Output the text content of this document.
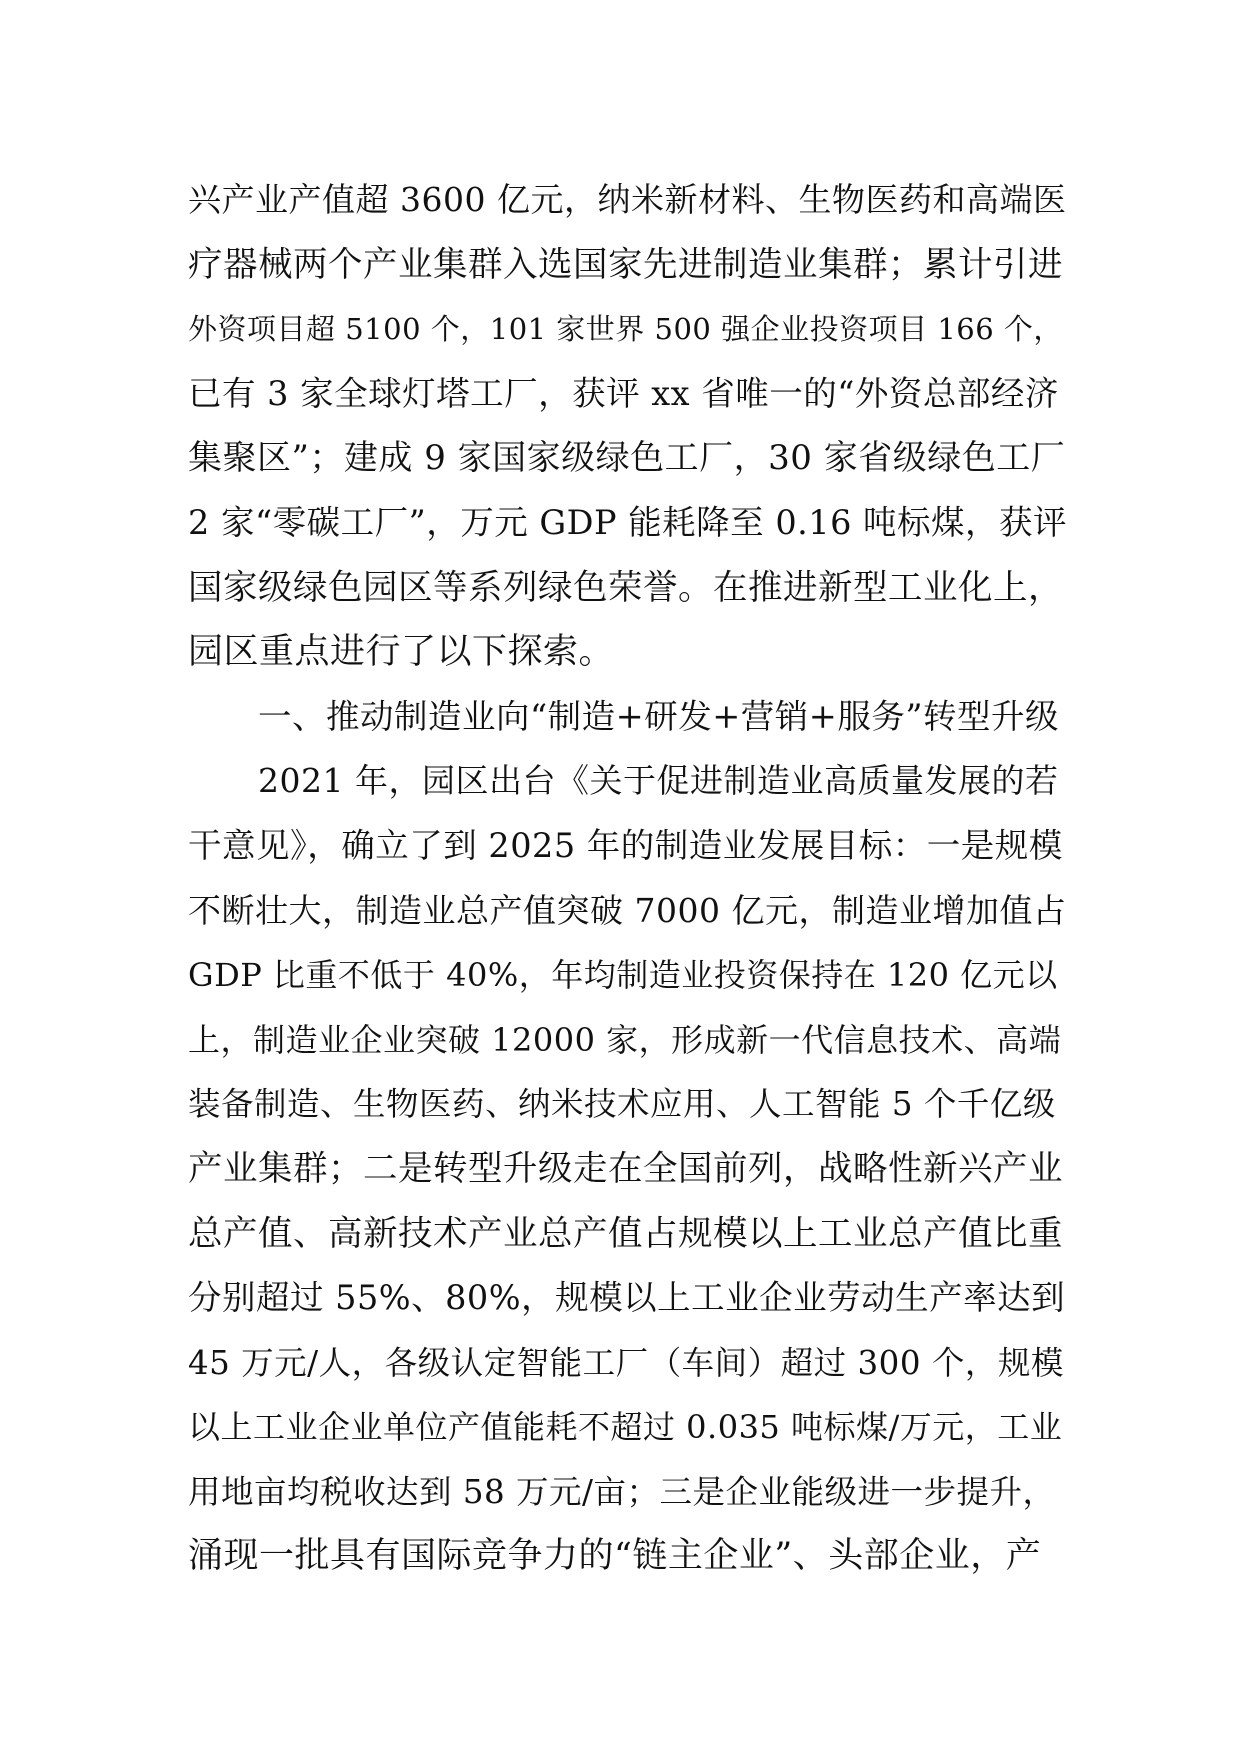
兴产业产值超 3600 亿元，纳米新材料、生物医药和高端医
疗器械两个产业集群入选国家先进制造业集群；累计引进
外资项目超 5100 个，101 家世界 500 强企业投资项目 166 个，
已有 3 家全球灯塔工厂，获评 xx 省唯一的“外资总部经济
集聚区”；建成 9 家国家级绿色工厂，30 家省级绿色工厂
2 家“零碳工厂”，万元 GDP 能耗降至 0.16 吨标煤，获评
国家级绿色园区等系列绿色荣誉。在推进新型工业化上，
园区重点进行了以下探索。
一、推动制造业向“制造+研发+营销+服务”转型升级
2021 年，园区出台《关于促进制造业高质量发展的若
干意见》，确立了到 2025 年的制造业发展目标：一是规模
不断壮大，制造业总产值突破 7000 亿元，制造业增加值占
GDP 比重不低于 40%，年均制造业投资保持在 120 亿元以
上，制造业企业突破 12000 家，形成新一代信息技术、高端
装备制造、生物医药、纳米技术应用、人工智能 5 个千亿级
产业集群；二是转型升级走在全国前列，战略性新兴产业
总产值、高新技术产业总产值占规模以上工业总产值比重
分别超过 55%、80%，规模以上工业企业劳动生产率达到
45 万元/人，各级认定智能工厂（车间）超过 300 个，规模
以上工业企业单位产值能耗不超过 0.035 吨标煤/万元，工业
用地亩均税收达到 58 万元/亩；三是企业能级进一步提升，
涌现一批具有国际竞争力的“链主企业”、头部企业，产
